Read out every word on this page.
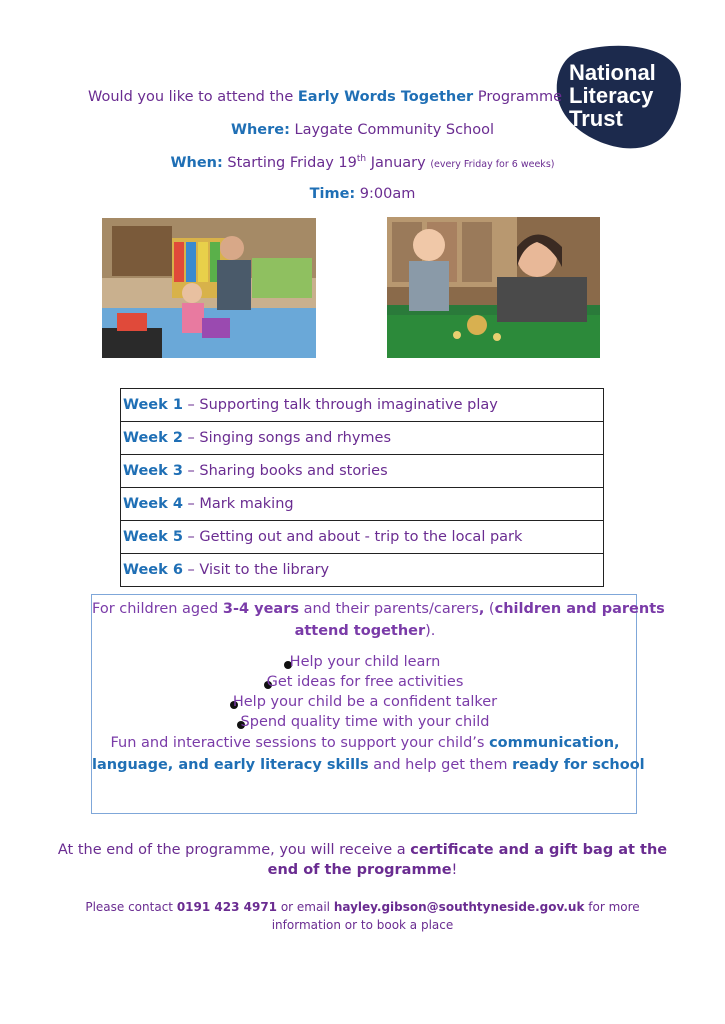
National
Literacy
Trust
Would you like to attend the Early Words Together Programme
Where: Laygate Community School
When: Starting Friday 19th January (every Friday for 6 weeks)
Time: 9:00am
Week 1 – Supporting talk through imaginative play
Week 2 – Singing songs and rhymes
Week 3 – Sharing books and stories
Week 4 – Mark making
Week 5 – Getting out and about - trip to the local park
Week 6 – Visit to the library
For children aged 3-4 years and their parents/carers, (children and parents
attend together).
Help your child learn
Get ideas for free activities
Help your child be a confident talker
Spend quality time with your child
Fun and interactive sessions to support your child’s communication,
language, and early literacy skills and help get them ready for school
At the end of the programme, you will receive a certificate and a gift bag at the
end of the programme!
Please contact 0191 423 4971 or email hayley.gibson@southtyneside.gov.uk for more
information or to book a place
